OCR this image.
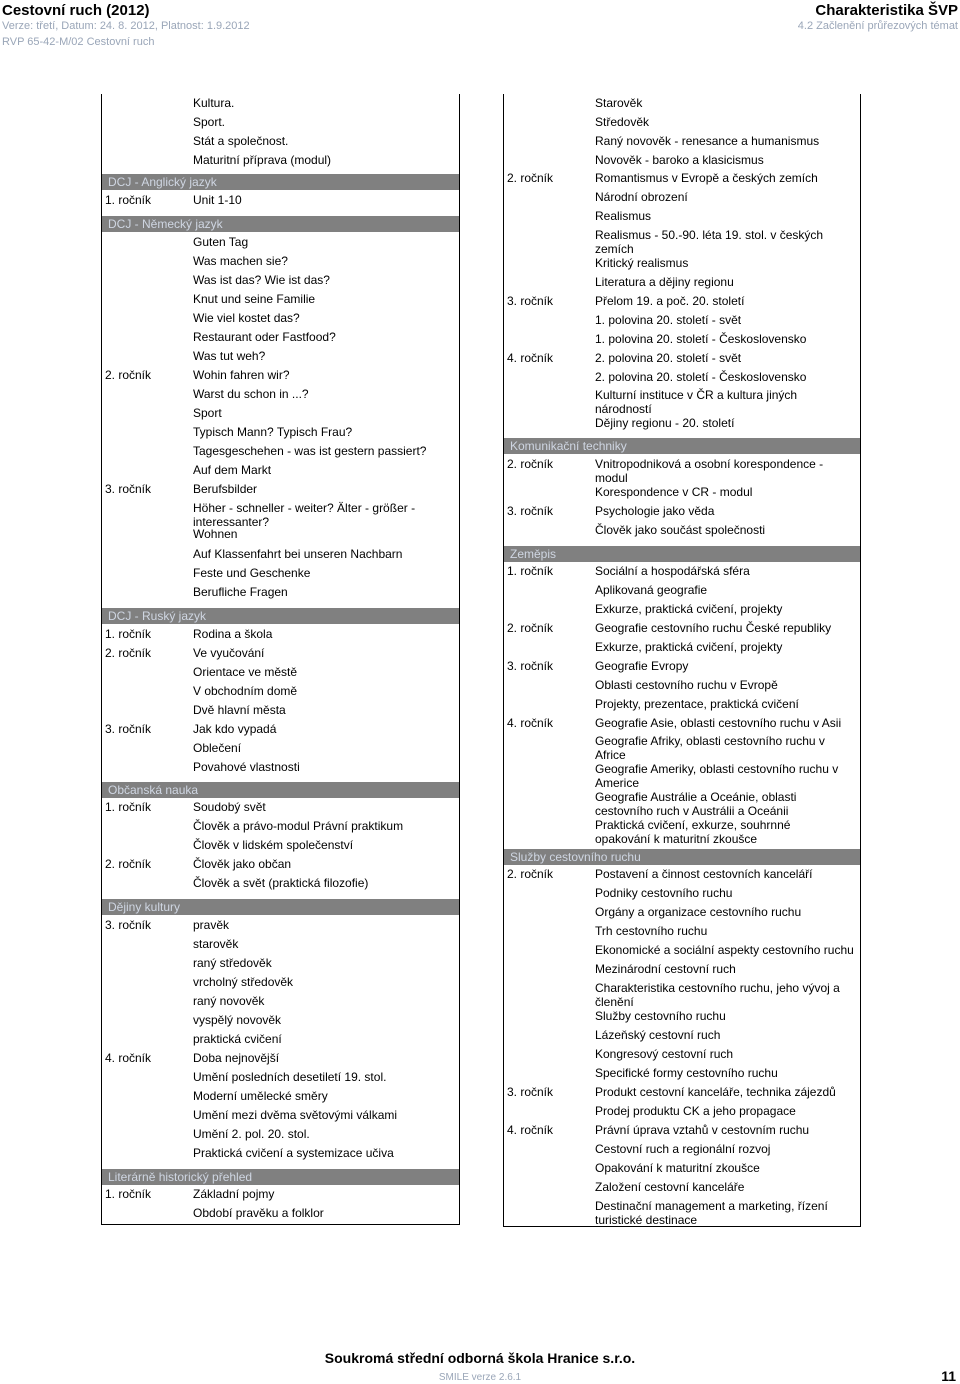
Cestovní ruch (2012)
Verze: třetí, Datum: 24. 8. 2012, Platnost: 1.9.2012
RVP 65-42-M/02 Cestovní ruch
Charakteristika ŠVP
4.2 Začlenění průřezových témat
Kultura.
Sport.
Stát a společnost.
Maturitní příprava (modul)
DCJ - Anglický jazyk
1. ročník	Unit 1-10
DCJ - Německý jazyk
Guten Tag
Was machen sie?
Was ist das? Wie ist das?
Knut und seine Familie
Wie viel kostet das?
Restaurant oder Fastfood?
Was tut weh?
2. ročník	Wohin fahren wir?
Warst du schon in ...?
Sport
Typisch Mann? Typisch Frau?
Tagesgeschehen - was ist gestern passiert?
Auf dem Markt
3. ročník	Berufsbilder
Höher - schneller - weiter? Älter - größer - interessanter?
Wohnen
Auf Klassenfahrt bei unseren Nachbarn
Feste und Geschenke
Berufliche Fragen
DCJ - Ruský jazyk
1. ročník	Rodina a škola
2. ročník	Ve vyučování
Orientace ve městě
V obchodním domě
Dvě hlavní města
3. ročník	Jak kdo vypadá
Oblečení
Povahové vlastnosti
Občanská nauka
1. ročník	Soudobý svět
Člověk a právo-modul Právní praktikum
Člověk v lidském společenství
2. ročník	Člověk jako občan
Člověk a svět (praktická filozofie)
Dějiny kultury
3. ročník	pravěk
starověk
raný středověk
vrcholný středověk
raný novověk
vyspělý novověk
praktická cvičení
4. ročník	Doba nejnovější
Umění posledních desetiletí 19. stol.
Moderní umělecké směry
Umění mezi dvěma světovými válkami
Umění 2. pol. 20. stol.
Praktická cvičení a systemizace učiva
Literárně historický přehled
1. ročník	Základní pojmy
Období pravěku a folklor
Starověk
Středověk
Raný novověk - renesance a humanismus
Novověk - baroko a klasicismus
2. ročník	Romantismus v Evropě a českých zemích
Národní obrození
Realismus
Realismus - 50.-90. léta 19. stol. v českých zemích
Kritický realismus
Literatura a dějiny regionu
3. ročník	Přelom 19. a poč. 20. století
1. polovina 20. století - svět
1. polovina 20. století - Československo
4. ročník	2. polovina 20. století - svět
2. polovina 20. století - Československo
Kulturní instituce v ČR a kultura jiných národností
Dějiny regionu - 20. století
Komunikační techniky
2. ročník	Vnitropodniková a osobní korespondence - modul
Korespondence v CR - modul
3. ročník	Psychologie jako věda
Člověk jako součást společnosti
Zeměpis
1. ročník	Sociální a hospodářská sféra
Aplikovaná geografie
Exkurze, praktická cvičení, projekty
2. ročník	Geografie cestovního ruchu České republiky
Exkurze, praktická cvičení, projekty
3. ročník	Geografie Evropy
Oblasti cestovního ruchu v Evropě
Projekty, prezentace, praktická cvičení
4. ročník	Geografie Asie, oblasti cestovního ruchu v Asii
Geografie Afriky, oblasti cestovního ruchu v Africe
Geografie Ameriky, oblasti cestovního ruchu v Americe
Geografie Austrálie a Oceánie, oblasti cestovního ruch v Austrálii a Oceánii
Praktická cvičení, exkurze, souhrnné opakování k maturitní zkoušce
Služby cestovního ruchu
2. ročník	Postavení a činnost cestovních kanceláří
Podniky cestovního ruchu
Orgány a organizace cestovního ruchu
Trh cestovního ruchu
Ekonomické a sociální aspekty cestovního ruchu
Mezinárodní cestovní ruch
Charakteristika cestovního ruchu, jeho vývoj a členění
Služby cestovního ruchu
Lázeňský cestovní ruch
Kongresový cestovní ruch
Specifické formy cestovního ruchu
3. ročník	Produkt cestovní kanceláře, technika zájezdů
Prodej produktu CK a jeho propagace
4. ročník	Právní úprava vztahů v cestovním ruchu
Cestovní ruch a regionální rozvoj
Opakování k maturitní zkoušce
Založení cestovní kanceláře
Destinační management a marketing, řízení turistické destinace
Soukromá střední odborná škola Hranice s.r.o.
SMILE verze 2.6.1	11
